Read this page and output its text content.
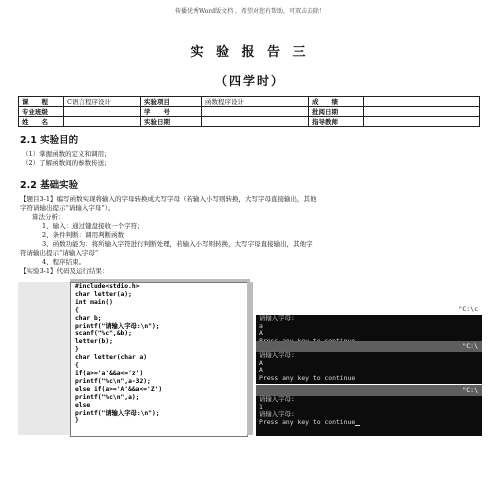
传播优秀Word版文档 ，希望对您有帮助，可双击去除！
实 验 报 告 三
（四学时）
课　　程	C语言程序设计	实验项目	函数程序设计	成　　绩	
专业班级		学　　号		批阅日期	
姓　　名		实验日期		指导教师	
2.1 实验目的
（1）掌握函数的定义和调用；
（2）了解函数间的参数传送；
2.2 基础实验
【题目3-1】编写函数实现将输入的字母转换成大写字母（若输入小写则转换，大写字母直接输出，其他
字符请输出提示“请输入字母”）。
算法分析：
1、输入：通过键盘接收一个字符；
2、条件判断：调用判断函数
3、函数功能为：将所输入字符进行判断处理，若输入小写则转换，大写字母直接输出，其他字
符请输出提示“请输入字母”
4、程序结束。
【实验3-1】代码及运行结果：
#include<stdio.h>
char letter(a);
int main()
{
char b;
printf("请输入字母:\n");
scanf("%c",&b);
letter(b);
}
char letter(char a)
{
if(a>='a'&&a<='z')
printf("%c\n",a-32);
else if(a>='A'&&a<='Z')
printf("%c\n",a);
else
printf("请输入字母:\n");
}
"C:\c
请输入字母:
a
A
"C:\
请输入字母:
A
A
Press any key to continue
"C:\
请输入字母:
1
请输入字母:
Press any key to continue
